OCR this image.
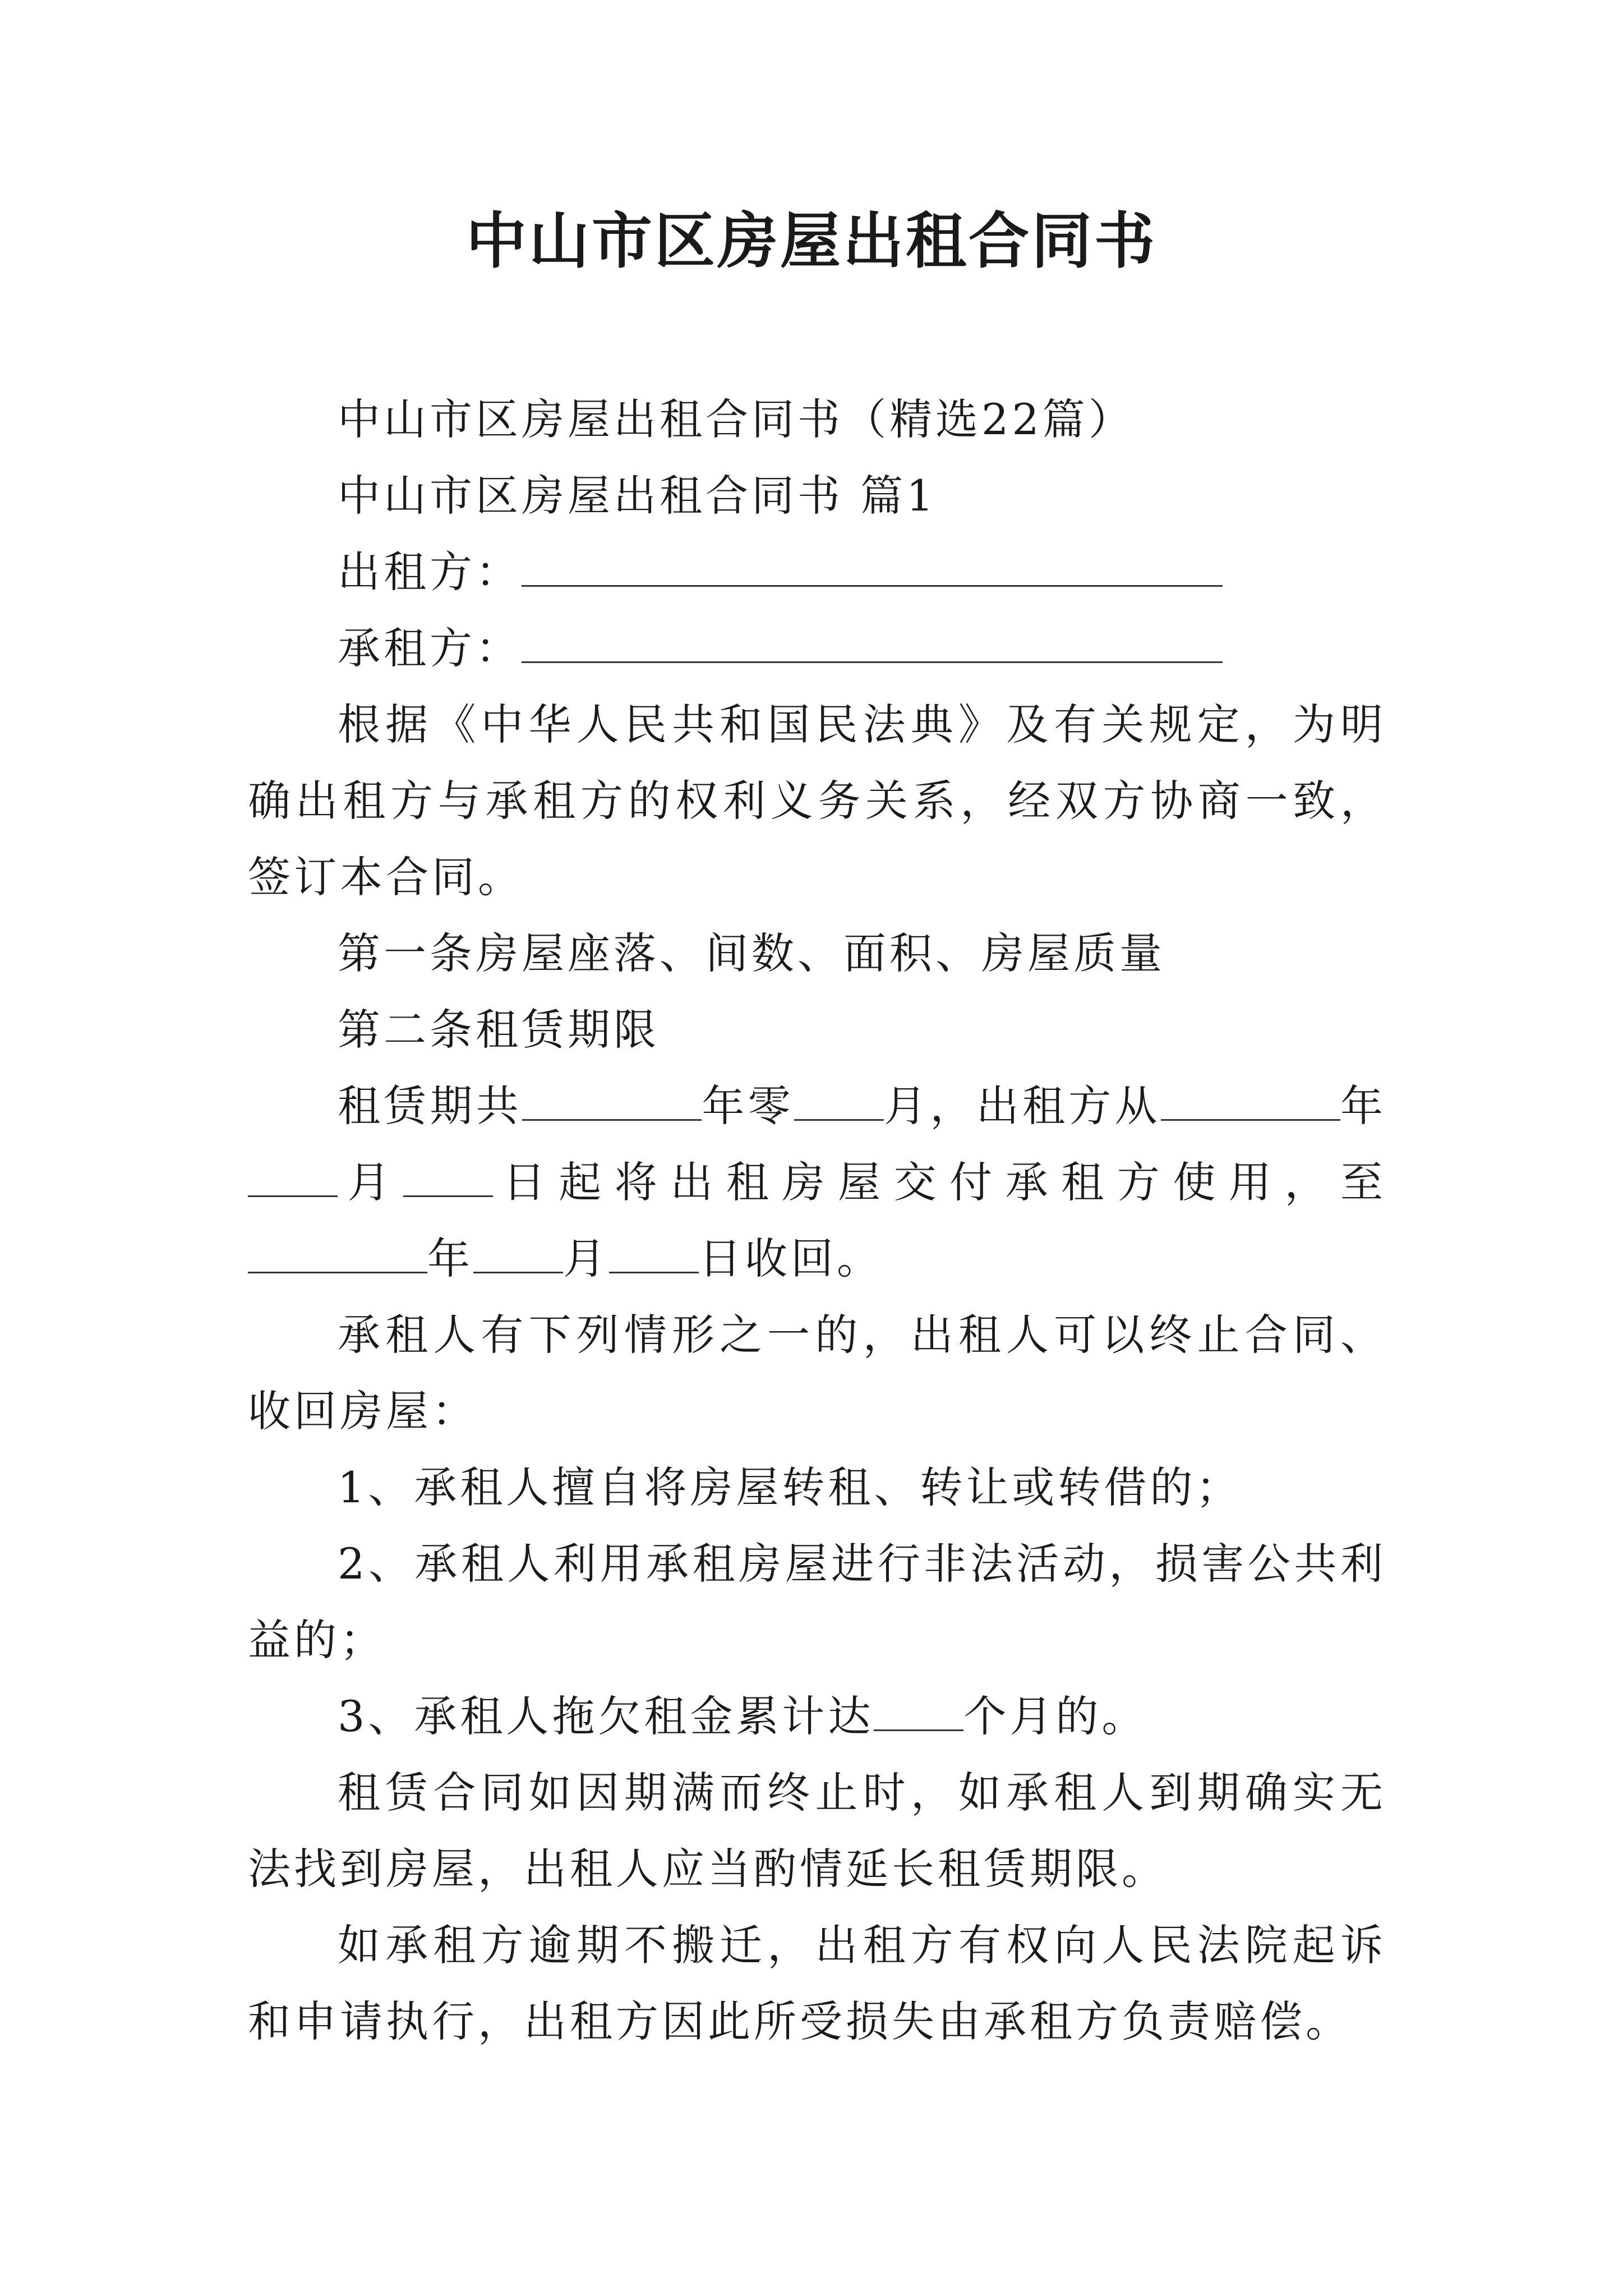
中山市区房屋出租合同书

中山市区房屋出租合同书（精选22篇）

中山市区房屋出租合同书 篇1

出租方：

承租方：

根据《中华人民共和国民法典》及有关规定，为明确出租方与承租方的权利义务关系，经双方协商一致，签订本合同。

第一条房屋座落、间数、面积、房屋质量

第二条租赁期限

租赁期共	年零 月，出租方从	年月 日起将出租房屋交付承租方使用，至年 月 日收回。

承租人有下列情形之一的，出租人可以终止合同、收回房屋：

1、承租人擅自将房屋转租、转让或转借的；

2、承租人利用承租房屋进行非法活动，损害公共利益的；

3、承租人拖欠租金累计达 个月的。

租赁合同如因期满而终止时，如承租人到期确实无法找到房屋，出租人应当酌情延长租赁期限。

如承租方逾期不搬迁，出租方有权向人民法院起诉和申请执行，出租方因此所受损失由承租方负责赔偿。
